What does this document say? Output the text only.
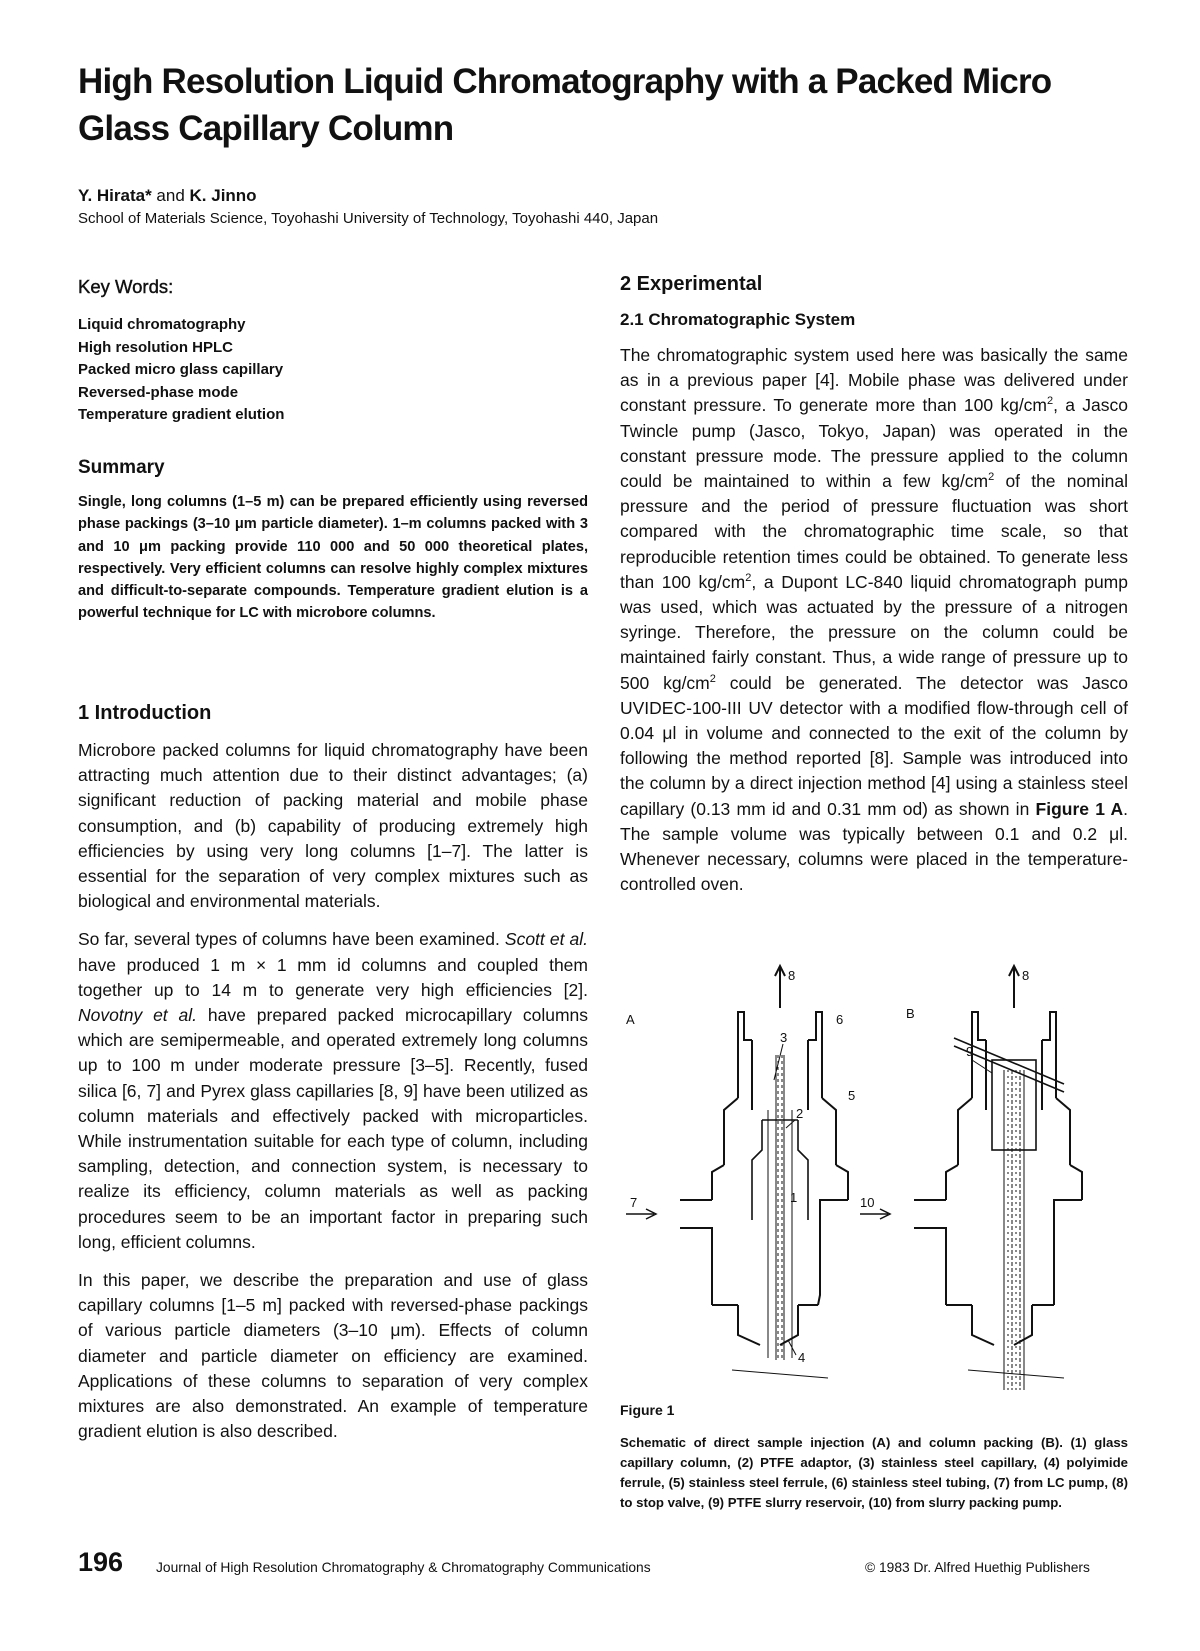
High Resolution Liquid Chromatography with a Packed Micro Glass Capillary Column
Y. Hirata* and K. Jinno
School of Materials Science, Toyohashi University of Technology, Toyohashi 440, Japan
Key Words:
Liquid chromatography
High resolution HPLC
Packed micro glass capillary
Reversed-phase mode
Temperature gradient elution
Summary
Single, long columns (1–5 m) can be prepared efficiently using reversed phase packings (3–10 μm particle diameter). 1–m columns packed with 3 and 10 μm packing provide 110 000 and 50 000 theoretical plates, respectively. Very efficient columns can resolve highly complex mixtures and difficult-to-separate compounds. Temperature gradient elution is a powerful technique for LC with microbore columns.
1 Introduction

Microbore packed columns for liquid chromatography have been attracting much attention due to their distinct advantages; (a) significant reduction of packing material and mobile phase consumption, and (b) capability of producing extremely high efficiencies by using very long columns [1–7]. The latter is essential for the separation of very complex mixtures such as biological and environmental materials.

So far, several types of columns have been examined. Scott et al. have produced 1 m × 1 mm id columns and coupled them together up to 14 m to generate very high efficiencies [2]. Novotny et al. have prepared packed microcapillary columns which are semipermeable, and operated extremely long columns up to 100 m under moderate pressure [3–5]. Recently, fused silica [6, 7] and Pyrex glass capillaries [8, 9] have been utilized as column materials and effectively packed with microparticles. While instrumentation suitable for each type of column, including sampling, detection, and connection system, is necessary to realize its efficiency, column materials as well as packing procedures seem to be an important factor in preparing such long, efficient columns.

In this paper, we describe the preparation and use of glass capillary columns [1–5 m] packed with reversed-phase packings of various particle diameters (3–10 μm). Effects of column diameter and particle diameter on efficiency are examined. Applications of these columns to separation of very complex mixtures are also demonstrated. An example of temperature gradient elution is also described.

2 Experimental
2.1 Chromatographic System

The chromatographic system used here was basically the same as in a previous paper [4]. Mobile phase was delivered under constant pressure. To generate more than 100 $kg/cm^2$, a Jasco Twincle pump (Jasco, Tokyo, Japan) was operated in the constant pressure mode. The pressure applied to the column could be maintained to within a few $kg/cm^2$ of the nominal pressure and the period of pressure fluctuation was short compared with the chromatographic time scale, so that reproducible retention times could be obtained. To generate less than 100 $kg/cm^2$, a Dupont LC-840 liquid chromatograph pump was used, which was actuated by the pressure of a nitrogen syringe. Therefore, the pressure on the column could be maintained fairly constant. Thus, a wide range of pressure up to 500 $kg/cm^2$ could be generated. The detector was Jasco UVIDEC-100-III UV detector with a modified flow-through cell of 0.04 μl in volume and connected to the exit of the column by following the method reported [8]. Sample was introduced into the column by a direct injection method [4] using a stainless steel capillary (0.13 mm id and 0.31 mm od) as shown in Figure 1 A. The sample volume was typically between 0.1 and 0.2 μl. Whenever necessary, columns were placed in the temperature-controlled oven.

A	B
8	8
3
2
6
5
1
4
7
9
10
Figure 1
Schematic of direct sample injection (A) and column packing (B). (1) glass capillary column, (2) PTFE adaptor, (3) stainless steel capillary, (4) polyimide ferrule, (5) stainless steel ferrule, (6) stainless steel tubing, (7) from LC pump, (8) to stop valve, (9) PTFE slurry reservoir, (10) from slurry packing pump.
196 Journal of High Resolution Chromatography & Chromatography Communications	© 1983 Dr. Alfred Huethig Publishers
